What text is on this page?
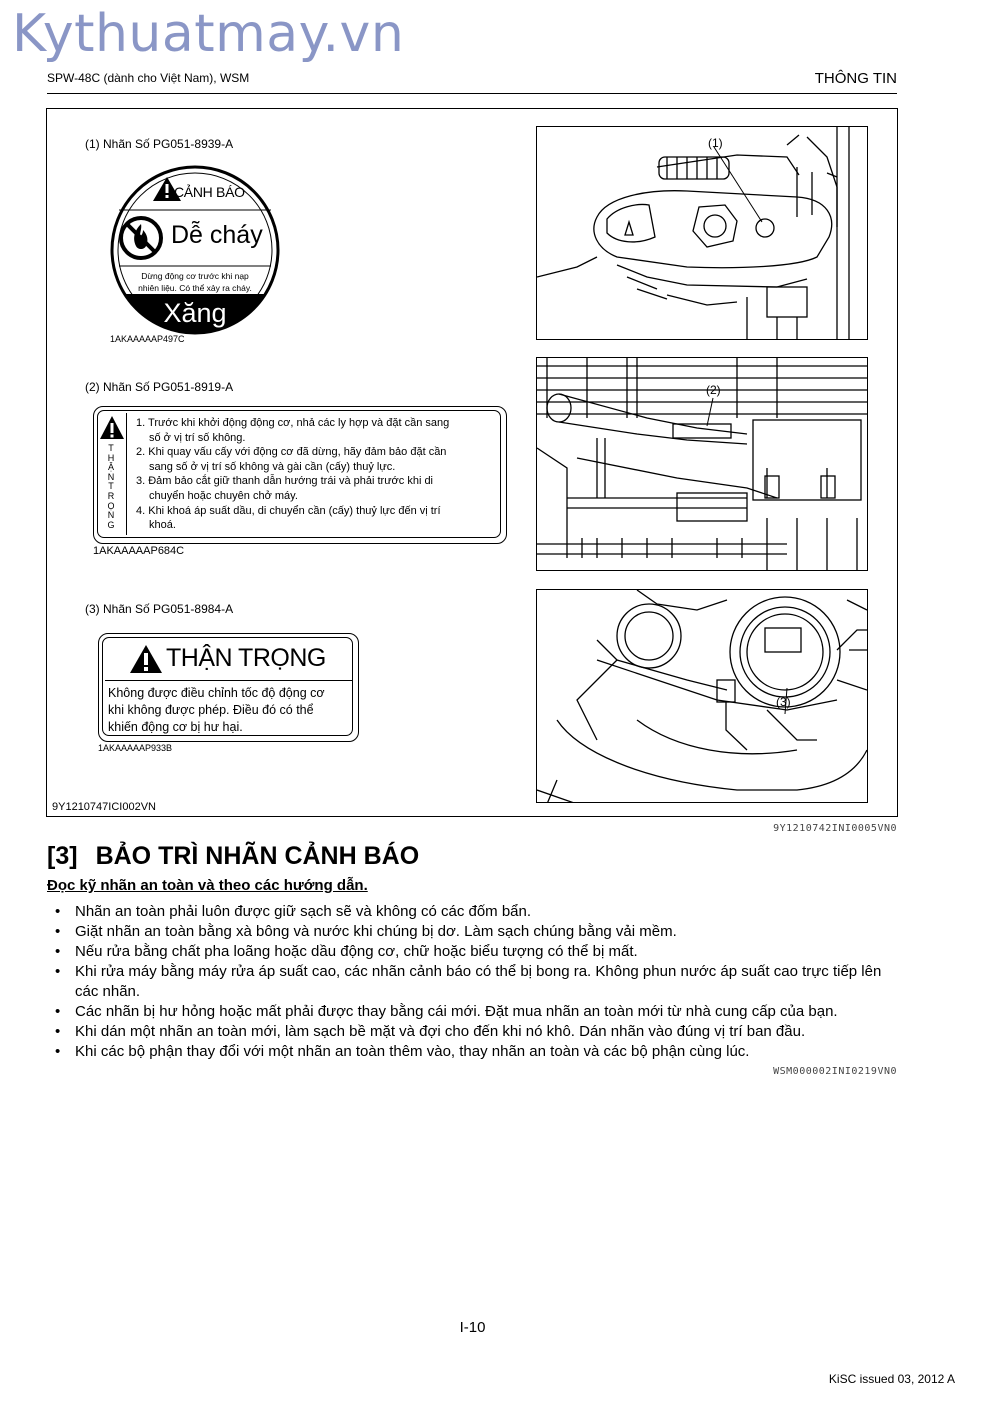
Kythuatmay.vn
SPW-48C (dành cho Việt Nam), WSM	THÔNG TIN
(1) Nhãn Số PG051-8939-A
CẢNH BÁO
Dễ cháy
Dừng động cơ trước khi nạp
nhiên liệu. Có thể xảy ra cháy.
Xăng
1AKAAAAAP497C
(2) Nhãn Số PG051-8919-A
T
H
Ậ
N
T
R
Ọ
N
G
1. Trước khi khởi động động cơ, nhả các ly hợp và đặt cần sang
số ở vị trí số không.
2. Khi quay vấu cấy với động cơ đã dừng, hãy đảm bảo đặt cần
sang số ở vị trí số không và gài cần (cấy) thuỷ lực.
3. Đảm bảo cắt giữ thanh dẫn hướng trái và phải trước khi di
chuyển hoặc chuyên chở máy.
4. Khi khoá áp suất dầu, di chuyển cần (cấy) thuỷ lực đến vị trí
khoá.
1AKAAAAAP684C
(3) Nhãn Số PG051-8984-A
THẬN TRỌNG
Không được điều chỉnh tốc độ động cơ
khi không được phép. Điều đó có thể
khiến động cơ bị hư hại.
1AKAAAAAP933B
(1)
(2)
(3)
9Y1210747ICI002VN
9Y1210742INI0005VN0
[3] BẢO TRÌ NHÃN CẢNH BÁO
Đọc kỹ nhãn an toàn và theo các hướng dẫn.
• Nhãn an toàn phải luôn được giữ sạch sẽ và không có các đốm bẩn.
• Giặt nhãn an toàn bằng xà bông và nước khi chúng bị dơ. Làm sạch chúng bằng vải mềm.
• Nếu rửa bằng chất pha loãng hoặc dầu động cơ, chữ hoặc biểu tượng có thể bị mất.
• Khi rửa máy bằng máy rửa áp suất cao, các nhãn cảnh báo có thể bị bong ra. Không phun nước áp suất cao trực tiếp lên các nhãn.
• Các nhãn bị hư hỏng hoặc mất phải được thay bằng cái mới. Đặt mua nhãn an toàn mới từ nhà cung cấp của bạn.
• Khi dán một nhãn an toàn mới, làm sạch bề mặt và đợi cho đến khi nó khô. Dán nhãn vào đúng vị trí ban đầu.
• Khi các bộ phận thay đổi với một nhãn an toàn thêm vào, thay nhãn an toàn và các bộ phận cùng lúc.
WSM000002INI0219VN0
I-10
KiSC issued 03, 2012 A
